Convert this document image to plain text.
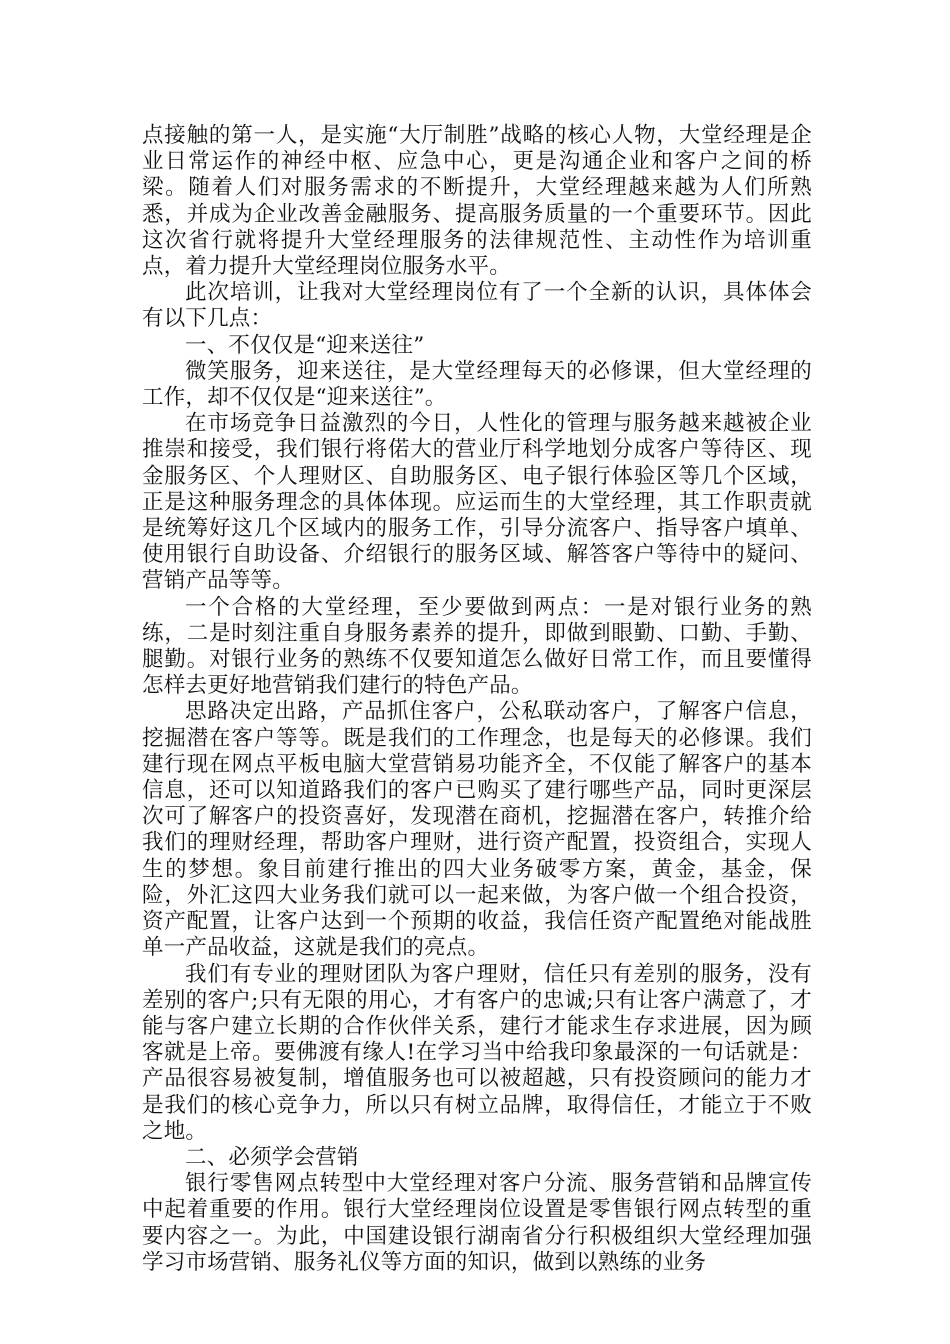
点接触的第一人，是实施“大厅制胜”战略的核心人物，大堂经理是企业日常运作的神经中枢、应急中心，更是沟通企业和客户之间的桥梁。随着人们对服务需求的不断提升，大堂经理越来越为人们所熟悉，并成为企业改善金融服务、提高服务质量的一个重要环节。因此这次省行就将提升大堂经理服务的法律规范性、主动性作为培训重点，着力提升大堂经理岗位服务水平。

此次培训，让我对大堂经理岗位有了一个全新的认识，具体体会有以下几点：

一、不仅仅是“迎来送往”

微笑服务，迎来送往，是大堂经理每天的必修课，但大堂经理的工作，却不仅仅是“迎来送往”。

在市场竞争日益激烈的今日，人性化的管理与服务越来越被企业推崇和接受，我们银行将偌大的营业厅科学地划分成客户等待区、现金服务区、个人理财区、自助服务区、电子银行体验区等几个区域，正是这种服务理念的具体体现。应运而生的大堂经理，其工作职责就是统筹好这几个区域内的服务工作，引导分流客户、指导客户填单、使用银行自助设备、介绍银行的服务区域、解答客户等待中的疑问、营销产品等等。

一个合格的大堂经理，至少要做到两点：一是对银行业务的熟练，二是时刻注重自身服务素养的提升，即做到眼勤、口勤、手勤、腿勤。对银行业务的熟练不仅要知道怎么做好日常工作，而且要懂得怎样去更好地营销我们建行的特色产品。

思路决定出路，产品抓住客户，公私联动客户，了解客户信息，挖掘潜在客户等等。既是我们的工作理念，也是每天的必修课。我们建行现在网点平板电脑大堂营销易功能齐全，不仅能了解客户的基本信息，还可以知道路我们的客户已购买了建行哪些产品，同时更深层次可了解客户的投资喜好，发现潜在商机，挖掘潜在客户，转推介给我们的理财经理，帮助客户理财，进行资产配置，投资组合，实现人生的梦想。象目前建行推出的四大业务破零方案，黄金，基金，保险，外汇这四大业务我们就可以一起来做，为客户做一个组合投资，资产配置，让客户达到一个预期的收益，我信任资产配置绝对能战胜单一产品收益，这就是我们的亮点。

我们有专业的理财团队为客户理财，信任只有差别的服务，没有差别的客户;只有无限的用心，才有客户的忠诚;只有让客户满意了，才能与客户建立长期的合作伙伴关系，建行才能求生存求进展，因为顾客就是上帝。要佛渡有缘人!在学习当中给我印象最深的一句话就是：产品很容易被复制，增值服务也可以被超越，只有投资顾问的能力才是我们的核心竞争力，所以只有树立品牌，取得信任，才能立于不败之地。

二、必须学会营销

银行零售网点转型中大堂经理对客户分流、服务营销和品牌宣传中起着重要的作用。银行大堂经理岗位设置是零售银行网点转型的重要内容之一。为此，中国建设银行湖南省分行积极组织大堂经理加强学习市场营销、服务礼仪等方面的知识，做到以熟练的业务
